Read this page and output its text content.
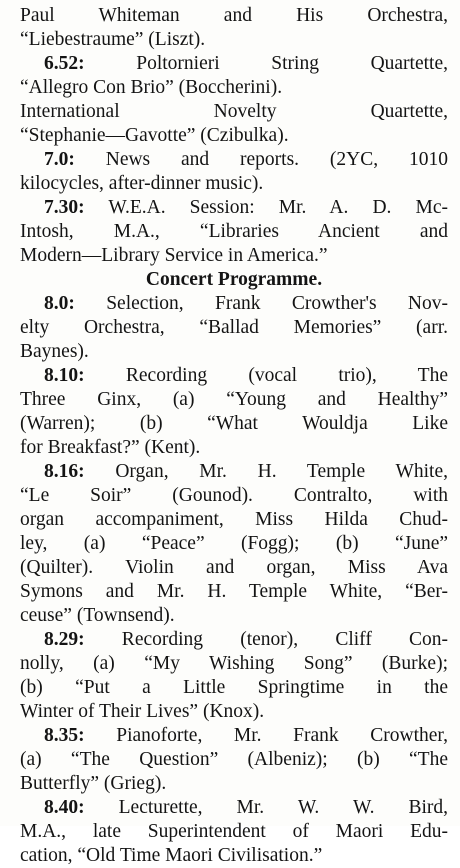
Paul Whiteman and His Orchestra,
“Liebestraume” (Liszt).
6.52: Poltornieri String Quartette,
“Allegro Con Brio” (Boccherini).
International Novelty Quartette,
“Stephanie—Gavotte” (Czibulka).
7.0: News and reports. (2YC, 1010
kilocycles, after-dinner music).
7.30: W.E.A. Session: Mr. A. D. Mc-
Intosh, M.A., “Libraries Ancient and
Modern—Library Service in America.”
Concert Programme.
8.0: Selection, Frank Crowther's Nov-
elty Orchestra, “Ballad Memories” (arr.
Baynes).
8.10: Recording (vocal trio), The
Three Ginx, (a) “Young and Healthy”
(Warren); (b) “What Wouldja Like
for Breakfast?” (Kent).
8.16: Organ, Mr. H. Temple White,
“Le Soir” (Gounod). Contralto, with
organ accompaniment, Miss Hilda Chud-
ley, (a) “Peace” (Fogg); (b) “June”
(Quilter). Violin and organ, Miss Ava
Symons and Mr. H. Temple White, “Ber-
ceuse” (Townsend).
8.29: Recording (tenor), Cliff Con-
nolly, (a) “My Wishing Song” (Burke);
(b) “Put a Little Springtime in the
Winter of Their Lives” (Knox).
8.35: Pianoforte, Mr. Frank Crowther,
(a) “The Question” (Albeniz); (b) “The
Butterfly” (Grieg).
8.40: Lecturette, Mr. W. W. Bird,
M.A., late Superintendent of Maori Edu-
cation, “Old Time Maori Civilisation.”
